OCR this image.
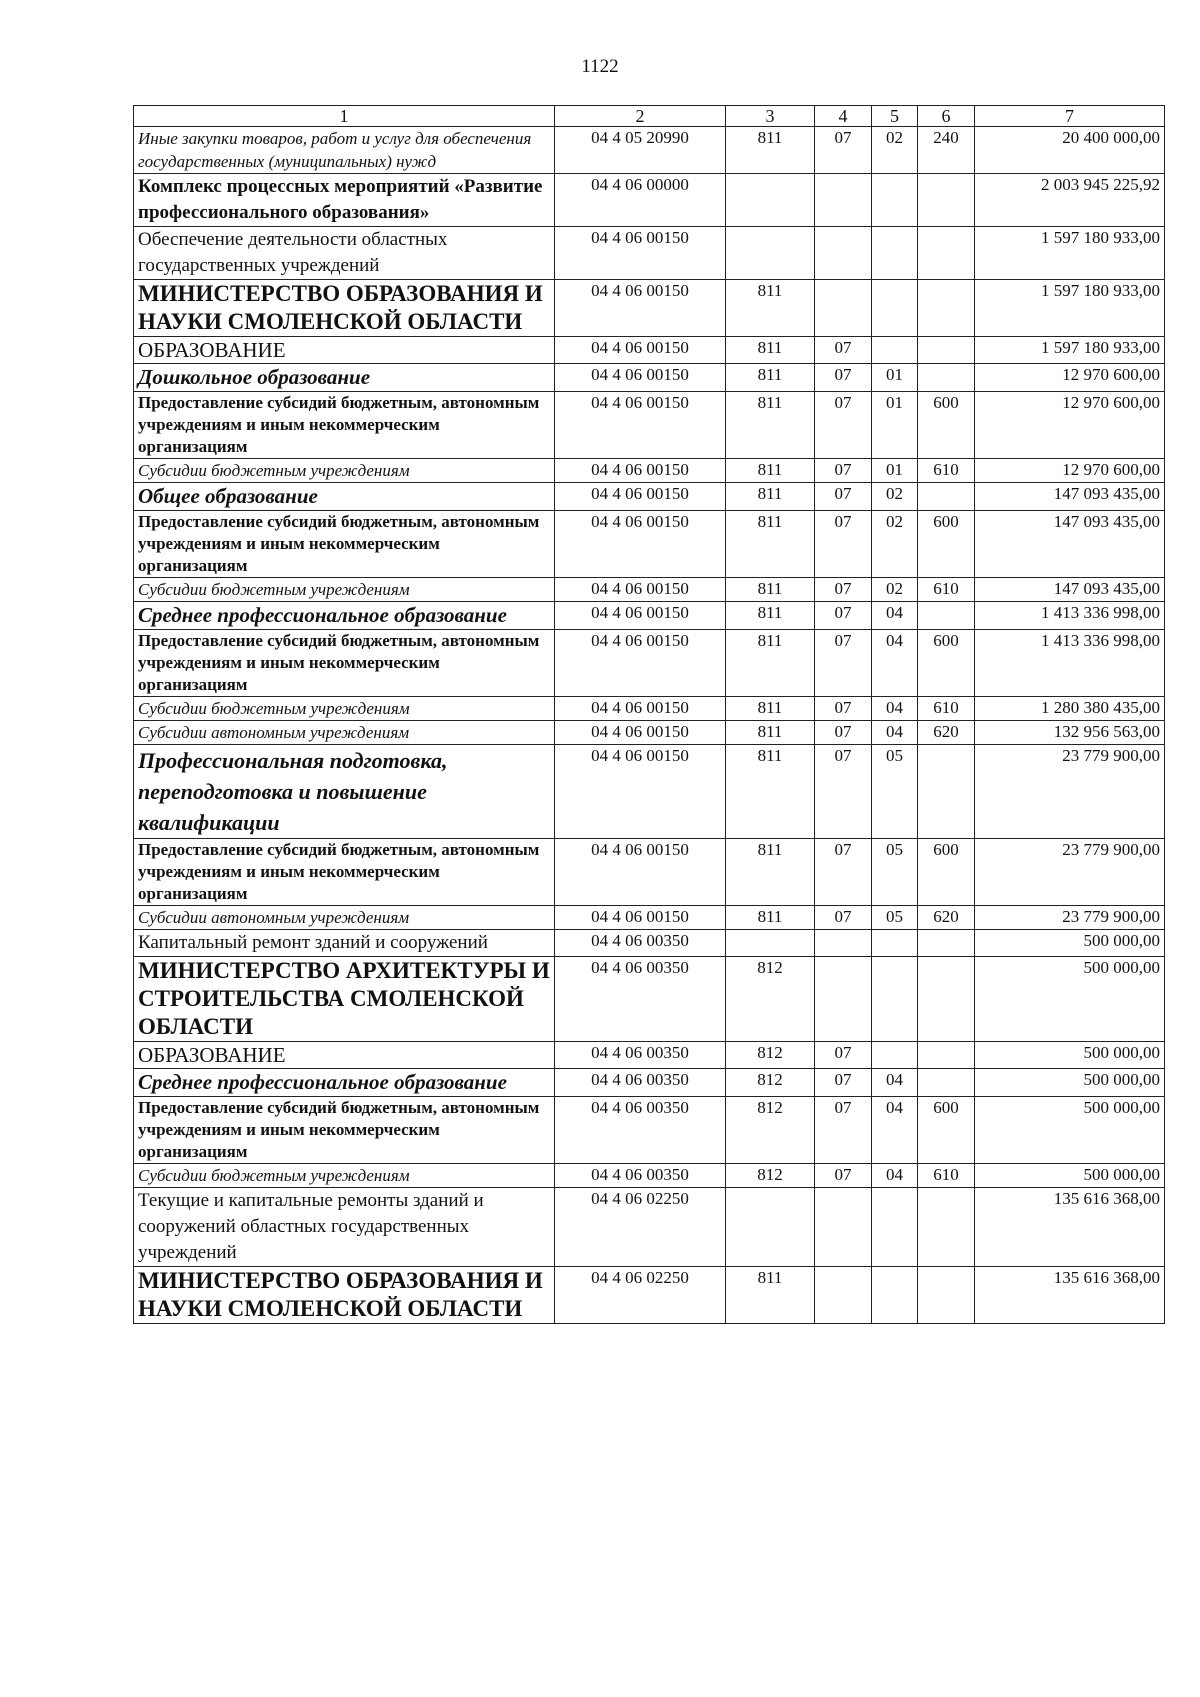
1122
1	2	3	4	5	6	7
Иные закупки товаров, работ и услуг для обеспечения государственных (муниципальных) нужд	04 4 05 20990	811	07	02	240	20 400 000,00
Комплекс процессных мероприятий «Развитие профессионального образования»	04 4 06 00000					2 003 945 225,92
Обеспечение деятельности областных государственных учреждений	04 4 06 00150					1 597 180 933,00
МИНИСТЕРСТВО ОБРАЗОВАНИЯ И НАУКИ СМОЛЕНСКОЙ ОБЛАСТИ	04 4 06 00150	811				1 597 180 933,00
ОБРАЗОВАНИЕ	04 4 06 00150	811	07			1 597 180 933,00
Дошкольное образование	04 4 06 00150	811	07	01		12 970 600,00
Предоставление субсидий бюджетным, автономным учреждениям и иным некоммерческим организациям	04 4 06 00150	811	07	01	600	12 970 600,00
Субсидии бюджетным учреждениям	04 4 06 00150	811	07	01	610	12 970 600,00
Общее образование	04 4 06 00150	811	07	02		147 093 435,00
Предоставление субсидий бюджетным, автономным учреждениям и иным некоммерческим организациям	04 4 06 00150	811	07	02	600	147 093 435,00
Субсидии бюджетным учреждениям	04 4 06 00150	811	07	02	610	147 093 435,00
Среднее профессиональное образование	04 4 06 00150	811	07	04		1 413 336 998,00
Предоставление субсидий бюджетным, автономным учреждениям и иным некоммерческим организациям	04 4 06 00150	811	07	04	600	1 413 336 998,00
Субсидии бюджетным учреждениям	04 4 06 00150	811	07	04	610	1 280 380 435,00
Субсидии автономным учреждениям	04 4 06 00150	811	07	04	620	132 956 563,00
Профессиональная подготовка, переподготовка и повышение квалификации	04 4 06 00150	811	07	05		23 779 900,00
Предоставление субсидий бюджетным, автономным учреждениям и иным некоммерческим организациям	04 4 06 00150	811	07	05	600	23 779 900,00
Субсидии автономным учреждениям	04 4 06 00150	811	07	05	620	23 779 900,00
Капитальный ремонт зданий и сооружений	04 4 06 00350					500 000,00
МИНИСТЕРСТВО АРХИТЕКТУРЫ И СТРОИТЕЛЬСТВА СМОЛЕНСКОЙ ОБЛАСТИ	04 4 06 00350	812				500 000,00
ОБРАЗОВАНИЕ	04 4 06 00350	812	07			500 000,00
Среднее профессиональное образование	04 4 06 00350	812	07	04		500 000,00
Предоставление субсидий бюджетным, автономным учреждениям и иным некоммерческим организациям	04 4 06 00350	812	07	04	600	500 000,00
Субсидии бюджетным учреждениям	04 4 06 00350	812	07	04	610	500 000,00
Текущие и капитальные ремонты зданий и сооружений областных государственных учреждений	04 4 06 02250					135 616 368,00
МИНИСТЕРСТВО ОБРАЗОВАНИЯ И НАУКИ СМОЛЕНСКОЙ ОБЛАСТИ	04 4 06 02250	811				135 616 368,00
